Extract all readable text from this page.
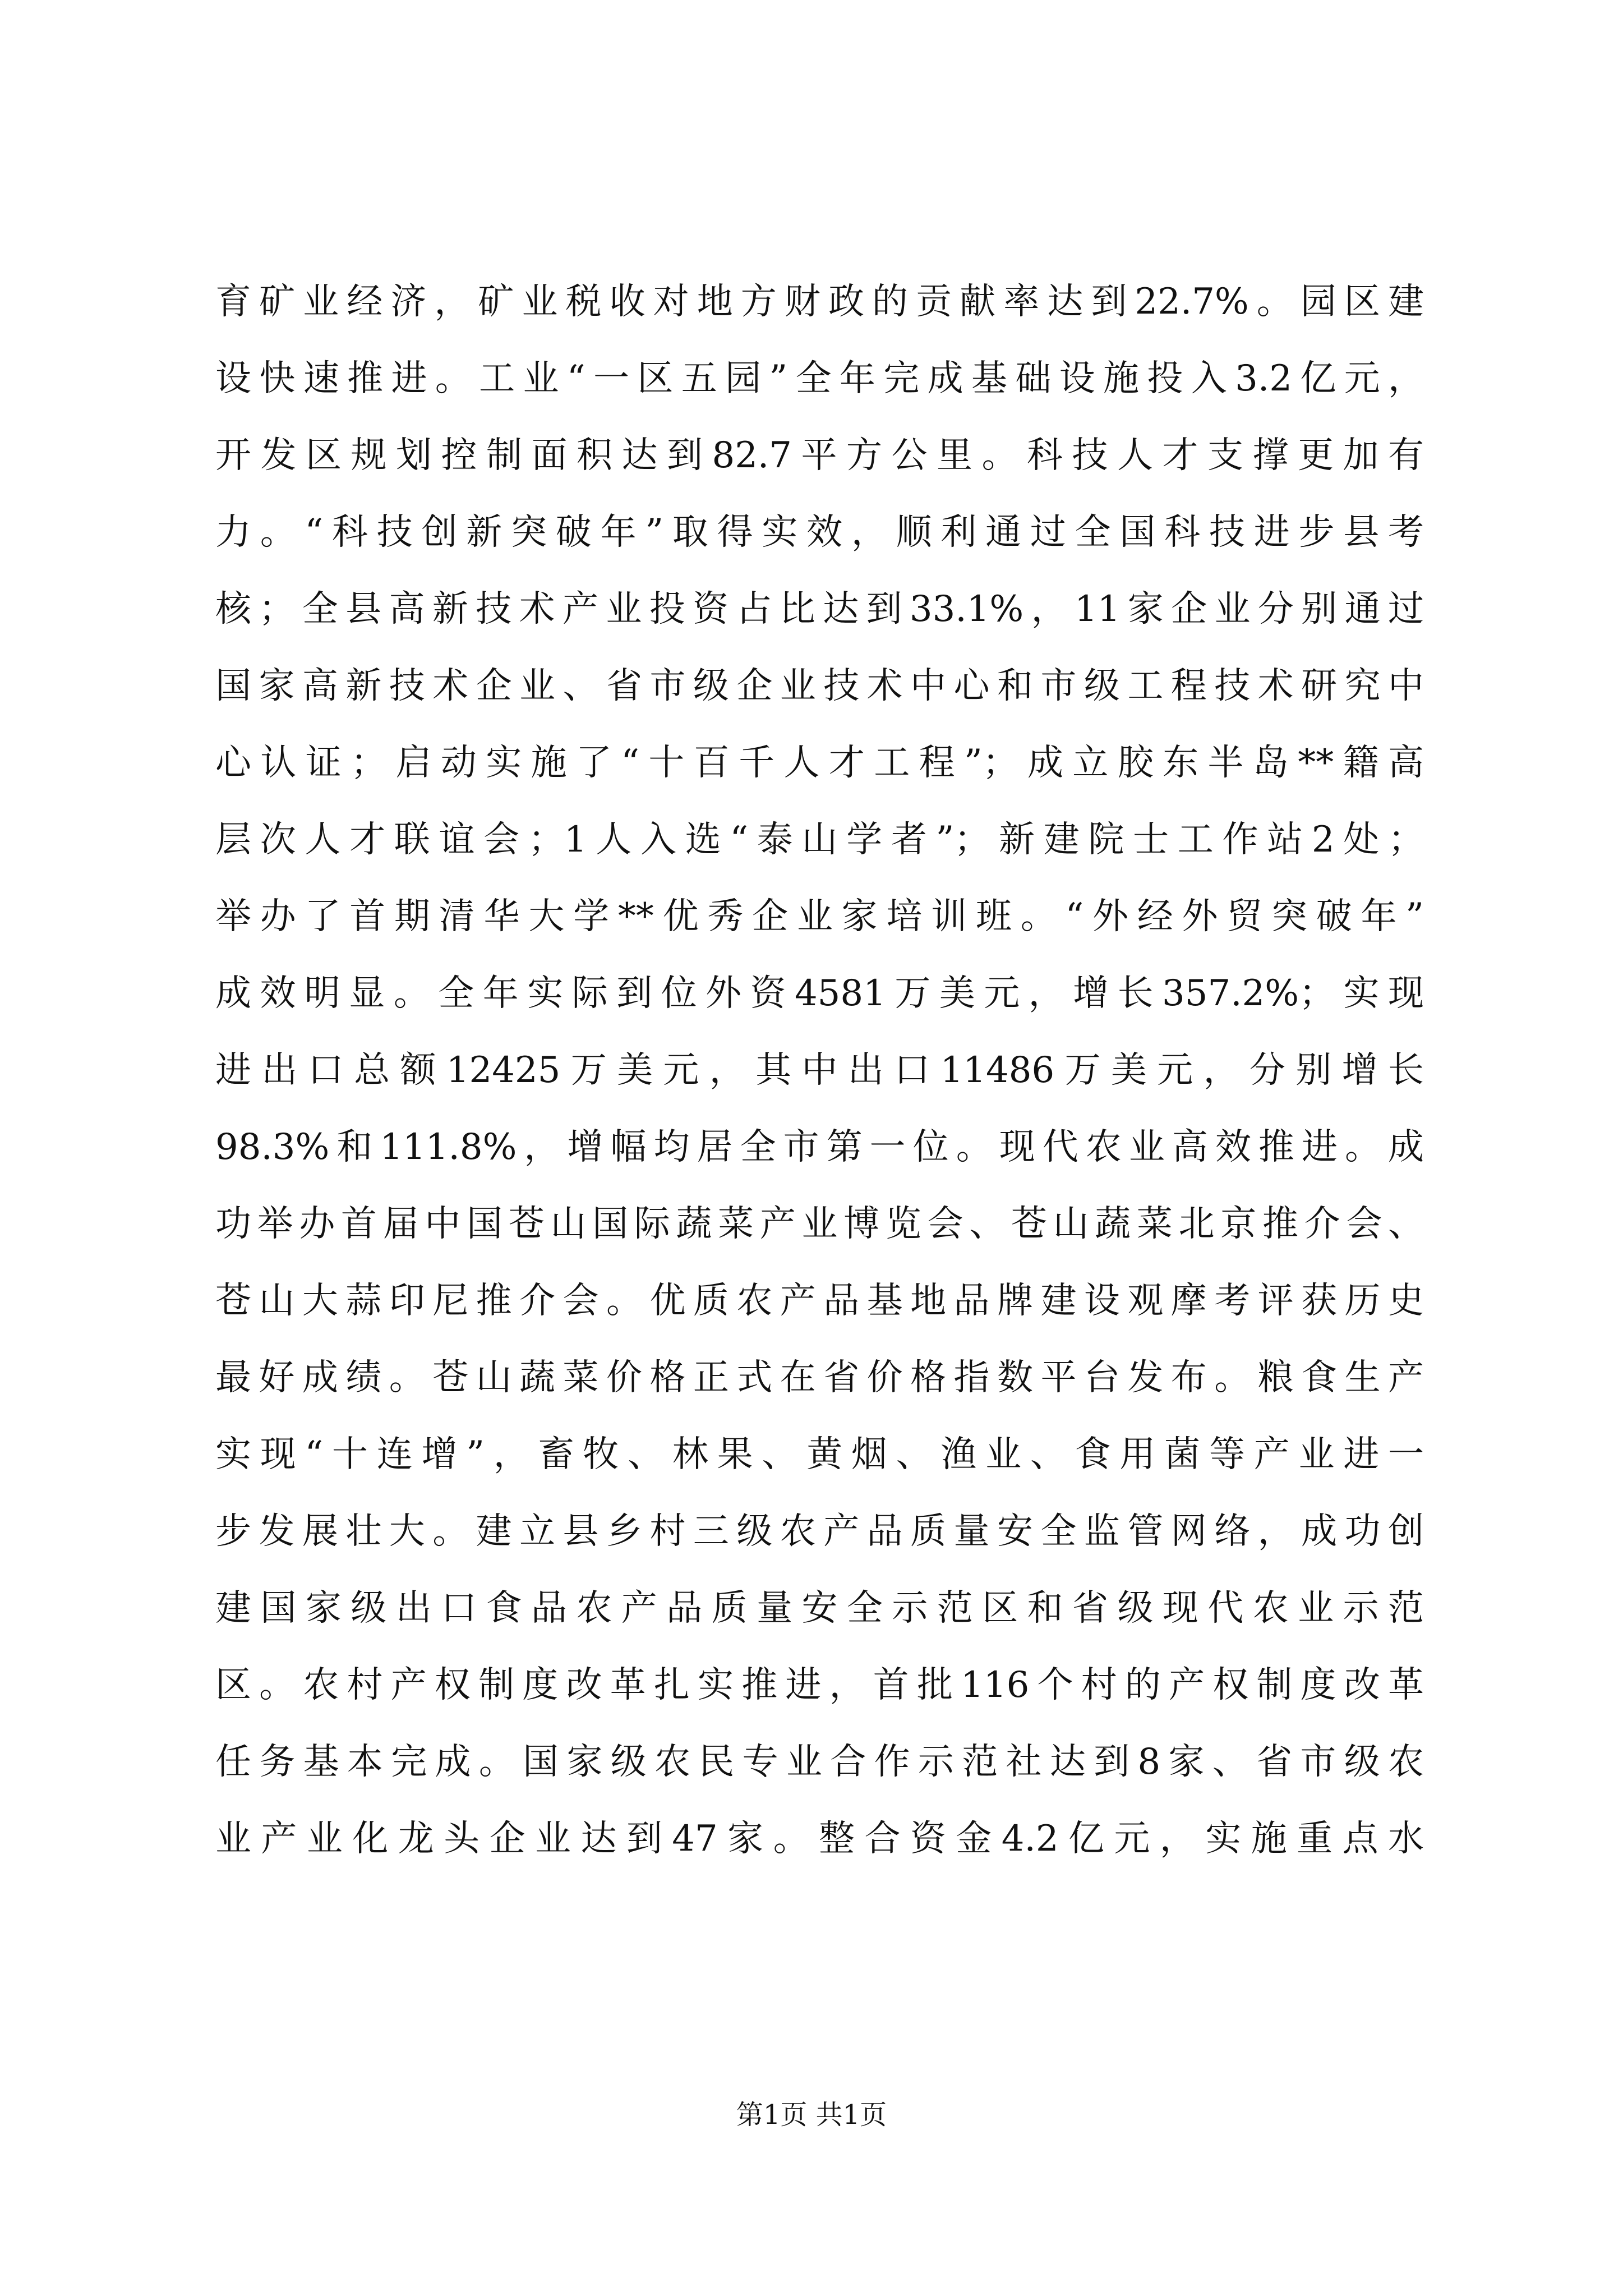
育矿业经济，矿业税收对地方财政的贡献率达到22.7%。园区建
设快速推进。工业“一区五园”全年完成基础设施投入3.2亿元，
开发区规划控制面积达到82.7平方公里。科技人才支撑更加有
力。“科技创新突破年”取得实效，顺利通过全国科技进步县考
核；全县高新技术产业投资占比达到33.1%，11家企业分别通过
国家高新技术企业、省市级企业技术中心和市级工程技术研究中
心认证；启动实施了“十百千人才工程”；成立胶东半岛**籍高
层次人才联谊会；1人入选“泰山学者”；新建院士工作站2处；
举办了首期清华大学**优秀企业家培训班。“外经外贸突破年”
成效明显。全年实际到位外资4581万美元，增长357.2%；实现
进出口总额12425万美元，其中出口11486万美元，分别增长
98.3%和111.8%，增幅均居全市第一位。现代农业高效推进。成
功举办首届中国苍山国际蔬菜产业博览会、苍山蔬菜北京推介会、
苍山大蒜印尼推介会。优质农产品基地品牌建设观摩考评获历史
最好成绩。苍山蔬菜价格正式在省价格指数平台发布。粮食生产
实现“十连增”，畜牧、林果、黄烟、渔业、食用菌等产业进一
步发展壮大。建立县乡村三级农产品质量安全监管网络，成功创
建国家级出口食品农产品质量安全示范区和省级现代农业示范
区。农村产权制度改革扎实推进，首批116个村的产权制度改革
任务基本完成。国家级农民专业合作示范社达到8家、省市级农
业产业化龙头企业达到47家。整合资金4.2亿元，实施重点水
第1页 共1页
